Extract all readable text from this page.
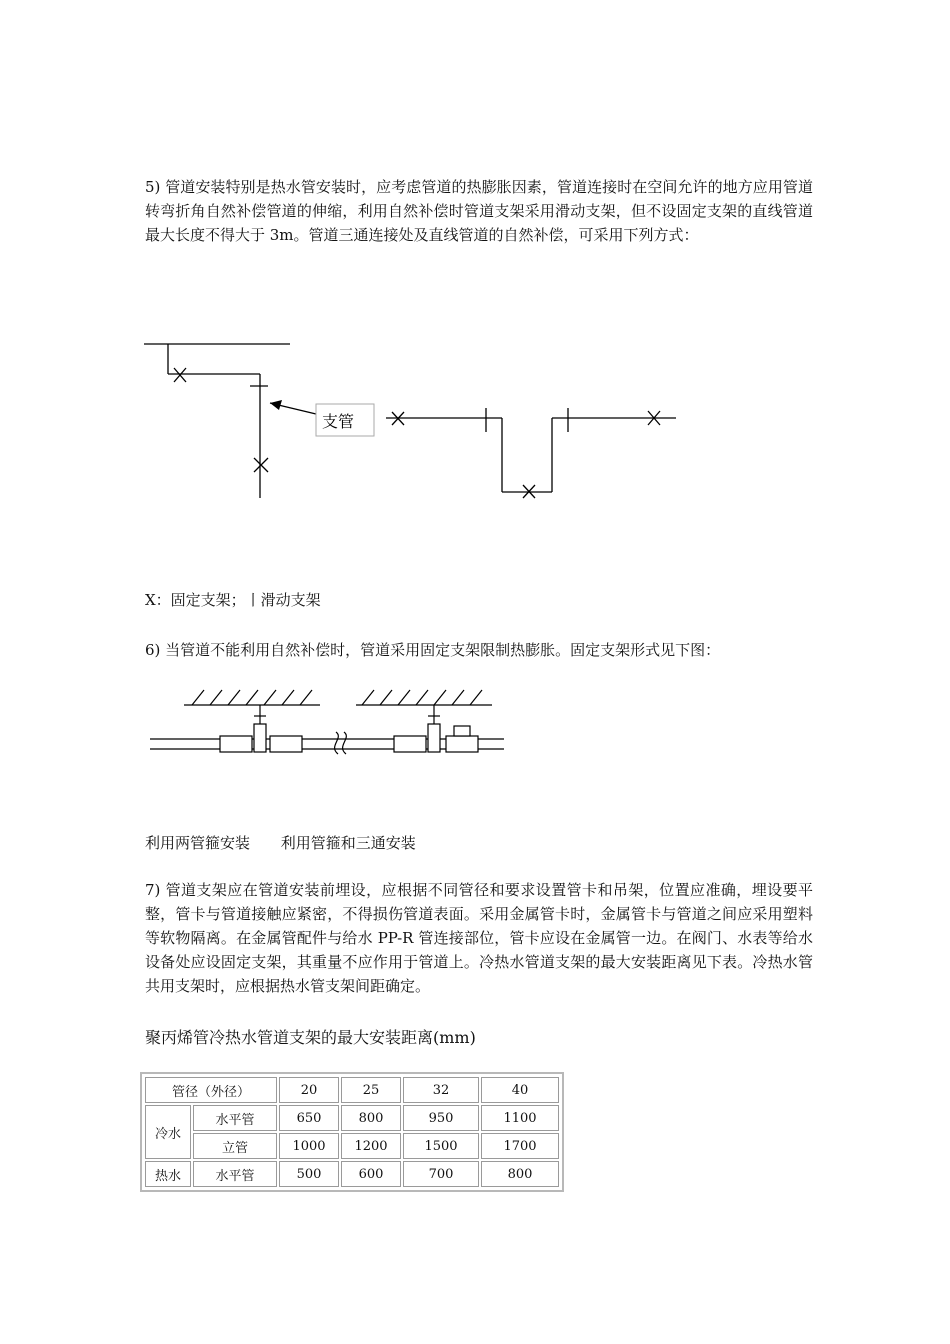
5) 管道安装特别是热水管安装时，应考虑管道的热膨胀因素，管道连接时在空间允许的地方应用管道转弯折角自然补偿管道的伸缩，利用自然补偿时管道支架采用滑动支架，但不设固定支架的直线管道最大长度不得大于 3m。管道三通连接处及直线管道的自然补偿，可采用下列方式：

支管

X：固定支架；丨滑动支架

6) 当管道不能利用自然补偿时，管道采用固定支架限制热膨胀。固定支架形式见下图：

利用两管箍安装 利用管箍和三通安装

7) 管道支架应在管道安装前埋设，应根据不同管径和要求设置管卡和吊架，位置应准确，埋设要平整，管卡与管道接触应紧密，不得损伤管道表面。采用金属管卡时，金属管卡与管道之间应采用塑料等软物隔离。在金属管配件与给水 PP-R 管连接部位，管卡应设在金属管一边。在阀门、水表等给水设备处应设固定支架，其重量不应作用于管道上。冷热水管道支架的最大安装距离见下表。冷热水管共用支架时，应根据热水管支架间距确定。

聚丙烯管冷热水管道支架的最大安装距离(mm)

管径（外径）		20	25	32	40
冷水	水平管	650	800	950	1100
	立管	1000	1200	1500	1700
热水	水平管	500	600	700	800
